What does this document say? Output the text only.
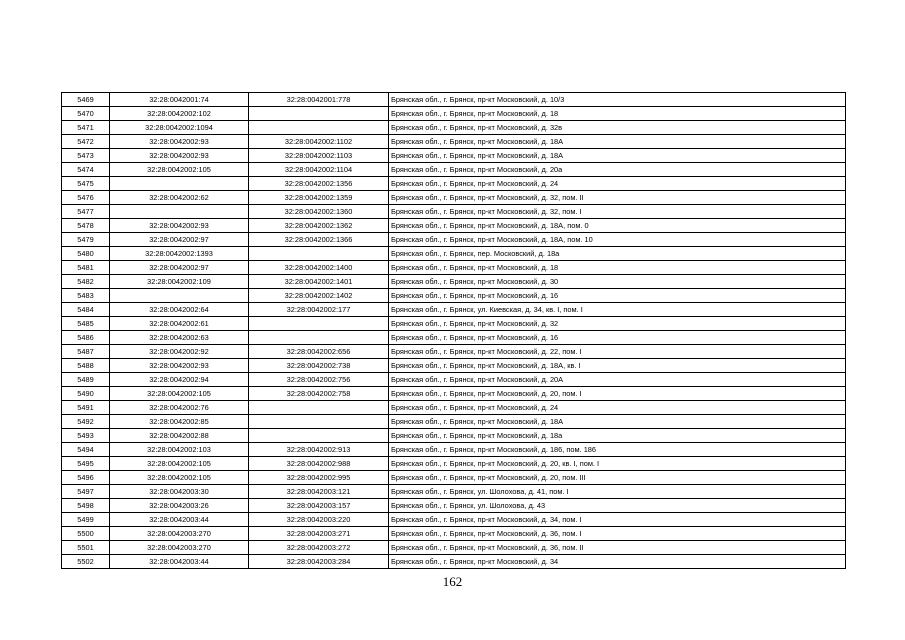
5469	32:28:0042001:74	32:28:0042001:778	Брянская обл., г. Брянск, пр-кт Московский, д. 10/3
5470	32:28:0042002:102		Брянская обл., г. Брянск, пр-кт Московский, д. 18
5471	32:28:0042002:1094		Брянская обл., г. Брянск, пр-кт Московский, д. 32в
5472	32:28:0042002:93	32:28:0042002:1102	Брянская обл., г. Брянск, пр-кт Московский, д. 18А
5473	32:28:0042002:93	32:28:0042002:1103	Брянская обл., г. Брянск, пр-кт Московский, д. 18А
5474	32:28:0042002:105	32:28:0042002:1104	Брянская обл., г. Брянск, пр-кт Московский, д. 20а
5475		32:28:0042002:1356	Брянская обл., г. Брянск, пр-кт Московский, д. 24
5476	32:28:0042002:62	32:28:0042002:1359	Брянская обл., г. Брянск, пр-кт Московский, д. 32, пом. II
5477		32:28:0042002:1360	Брянская обл., г. Брянск, пр-кт Московский, д. 32, пом. I
5478	32:28:0042002:93	32:28:0042002:1362	Брянская обл., г. Брянск, пр-кт Московский, д. 18А, пом. 0
5479	32:28:0042002:97	32:28:0042002:1366	Брянская обл., г. Брянск, пр-кт Московский, д. 18А, пом. 10
5480	32:28:0042002:1393		Брянская обл., г. Брянск, пер. Московский, д. 18а
5481	32:28:0042002:97	32:28:0042002:1400	Брянская обл., г. Брянск, пр-кт Московский, д. 18
5482	32:28:0042002:109	32:28:0042002:1401	Брянская обл., г. Брянск, пр-кт Московский, д. 30
5483		32:28:0042002:1402	Брянская обл., г. Брянск, пр-кт Московский, д. 16
5484	32:28:0042002:64	32:28:0042002:177	Брянская обл., г. Брянск, ул. Киевская, д. 34, кв. I, пом. I
5485	32:28:0042002:61		Брянская обл., г. Брянск, пр-кт Московский, д. 32
5486	32:28:0042002:63		Брянская обл., г. Брянск, пр-кт Московский, д. 16
5487	32:28:0042002:92	32:28:0042002:656	Брянская обл., г. Брянск, пр-кт Московский, д. 22, пом. I
5488	32:28:0042002:93	32:28:0042002:738	Брянская обл., г. Брянск, пр-кт Московский, д. 18А, кв. I
5489	32:28:0042002:94	32:28:0042002:756	Брянская обл., г. Брянск, пр-кт Московский, д. 20А
5490	32:28:0042002:105	32:28:0042002:758	Брянская обл., г. Брянск, пр-кт Московский, д. 20, пом. I
5491	32:28:0042002:76		Брянская обл., г. Брянск, пр-кт Московский, д. 24
5492	32:28:0042002:85		Брянская обл., г. Брянск, пр-кт Московский, д. 18А
5493	32:28:0042002:88		Брянская обл., г. Брянск, пр-кт Московский, д. 18а
5494	32:28:0042002:103	32:28:0042002:913	Брянская обл., г. Брянск, пр-кт Московский, д. 186, пом. 186
5495	32:28:0042002:105	32:28:0042002:988	Брянская обл., г. Брянск, пр-кт Московский, д. 20, кв. I, пом. I
5496	32:28:0042002:105	32:28:0042002:995	Брянская обл., г. Брянск, пр-кт Московский, д. 20, пом. III
5497	32:28:0042003:30	32:28:0042003:121	Брянская обл., г. Брянск, ул. Шолохова, д. 41, пом. I
5498	32:28:0042003:26	32:28:0042003:157	Брянская обл., г. Брянск, ул. Шолохова, д. 43
5499	32:28:0042003:44	32:28:0042003:220	Брянская обл., г. Брянск, пр-кт Московский, д. 34, пом. I
5500	32:28:0042003:270	32:28:0042003:271	Брянская обл., г. Брянск, пр-кт Московский, д. 36, пом. I
5501	32:28:0042003:270	32:28:0042003:272	Брянская обл., г. Брянск, пр-кт Московский, д. 36, пом. II
5502	32:28:0042003:44	32:28:0042003:284	Брянская обл., г. Брянск, пр-кт Московский, д. 34
162
